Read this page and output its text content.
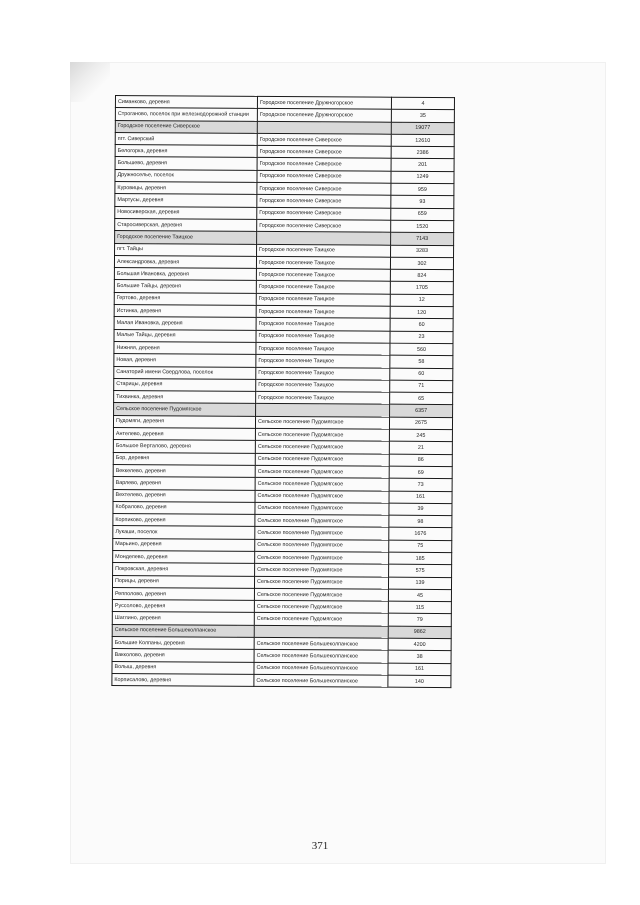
Симанково, деревня	Городское поселение Дружногорское	4
Строганово, поселок при железнодорожной станции	Городское поселение Дружногорское	35
Городское поселение Сиверское		19077
пгт. Сиверский	Городское поселение Сиверское	12610
Белогорка, деревня	Городское поселение Сиверское	2386
Большево, деревня	Городское поселение Сиверское	201
Дружноселье, поселок	Городское поселение Сиверское	1249
Куровицы, деревня	Городское поселение Сиверское	959
Мартусы, деревня	Городское поселение Сиверское	93
Новосиверская, деревня	Городское поселение Сиверское	659
Старосиверская, деревня	Городское поселение Сиверское	1520
Городское поселение Таицкое		7143
пгт. Тайцы	Городское поселение Таицкое	3283
Александровка, деревня	Городское поселение Таицкое	302
Большая Ивановка, деревня	Городское поселение Таицкое	824
Большие Тайцы, деревня	Городское поселение Таицкое	1705
Гертово, деревня	Городское поселение Таицкое	12
Истинка, деревня	Городское поселение Таицкое	120
Малая Ивановка, деревня	Городское поселение Таицкое	60
Малые Тайцы, деревня	Городское поселение Таицкое	23
Нижняя, деревня	Городское поселение Таицкое	560
Новая, деревня	Городское поселение Таицкое	58
Санаторий имени Свердлова, поселок	Городское поселение Таицкое	60
Старицы, деревня	Городское поселение Таицкое	71
Тихвинка, деревня	Городское поселение Таицкое	65
Сельское поселение Пудомягское		6357
Пудомяги, деревня	Сельское поселение Пудомягское	2675
Антелево, деревня	Сельское поселение Пудомягское	245
Большое Верталово, деревня	Сельское поселение Пудомягское	21
Бор, деревня	Сельское поселение Пудомягское	86
Веккелево, деревня	Сельское поселение Пудомягское	69
Варлево, деревня	Сельское поселение Пудомягское	73
Вехтелево, деревня	Сельское поселение Пудомягское	161
Кобралово, деревня	Сельское поселение Пудомягское	39
Корпиково, деревня	Сельское поселение Пудомягское	98
Лукаши, поселок	Сельское поселение Пудомягское	1676
Марьино, деревня	Сельское поселение Пудомягское	75
Монделево, деревня	Сельское поселение Пудомягское	185
Покровская, деревня	Сельское поселение Пудомягское	575
Порицы, деревня	Сельское поселение Пудомягское	139
Репполово, деревня	Сельское поселение Пудомягское	45
Руссолово, деревня	Сельское поселение Пудомягское	115
Шаглино, деревня	Сельское поселение Пудомягское	79
Сельское поселение Большеколпанское		9862
Большие Колпаны, деревня	Сельское поселение Большеколпанское	4200
Вакколово, деревня	Сельское поселение Большеколпанское	38
Волыш, деревня	Сельское поселение Большеколпанское	161
Корписалово, деревня	Сельское поселение Большеколпанское	140
371
